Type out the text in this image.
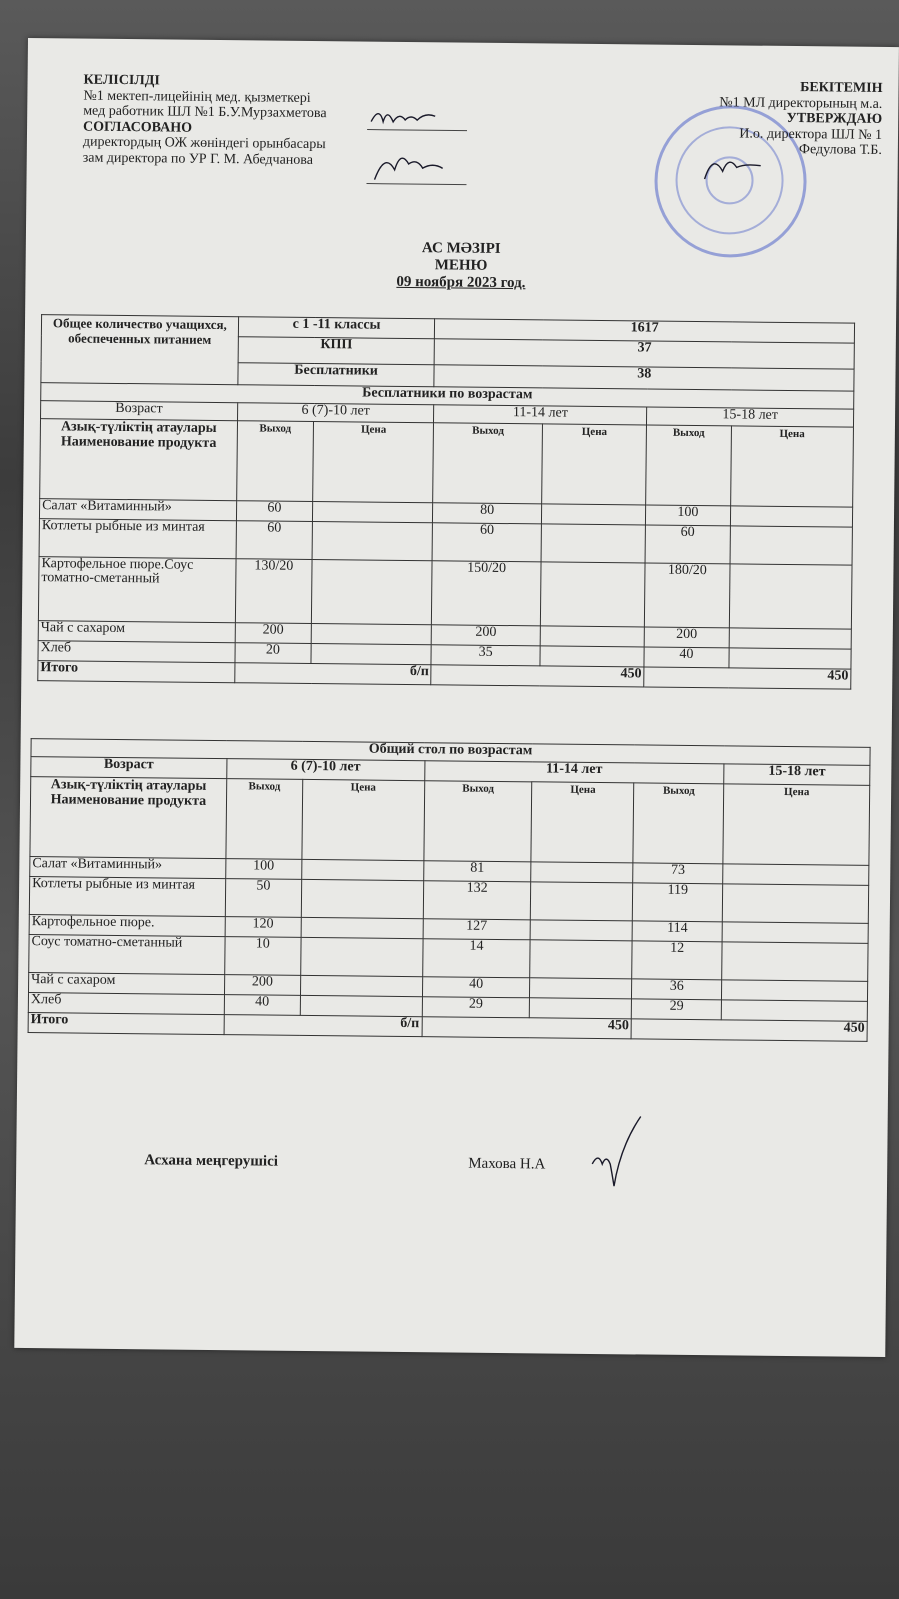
КЕЛІСІЛДІ
№1 мектеп-лицейінің мед. қызметкері
мед работник ШЛ №1 Б.У.Мурзахметова
СОГЛАСОВАНО
директордың ОЖ жөніндегі орынбасары
зам директора по УР Г. М. Абедчанова
БЕКІТЕМІН
№1 МЛ директорының м.а.
УТВЕРЖДАЮ
И.о. директора ШЛ № 1
Федулова Т.Б.
АС МӘЗІРІ
МЕНЮ
09 ноября 2023 год.
Общее количество учащихся, обеспеченных питанием	с 1 -11 классы		1617			
	КПП		37			
	Бесплатники		38			
Бесплатники по возрастам						
Возраст	6 (7)-10 лет		11-14 лет		15-18 лет	
Азық-түліктің атаулары Наименование продукта	Выход	Цена	Выход	Цена	Выход	Цена
Салат «Витаминный»	60		80		100	
Котлеты рыбные из минтая	60		60		60	
Картофельное пюре.Соус томатно-сметанный	130/20		150/20		180/20	
Чай с сахаром	200		200		200	
Хлеб	20		35		40	
Итого	б/п		450		450	
Общий стол по возрастам						
Возраст	6 (7)-10 лет		11-14 лет			15-18 лет
Азық-түліктің атаулары Наименование продукта	Выход	Цена	Выход	Цена	Выход	Цена
Салат «Витаминный»	100		81		73	
Котлеты рыбные из минтая	50		132		119	
Картофельное пюре.	120		127		114	
Соус томатно-сметанный	10		14		12	
Чай с сахаром	200		40		36	
Хлеб	40		29		29	
Итого	б/п		450		450	
Асхана меңгерушісі	Махова Н.А
